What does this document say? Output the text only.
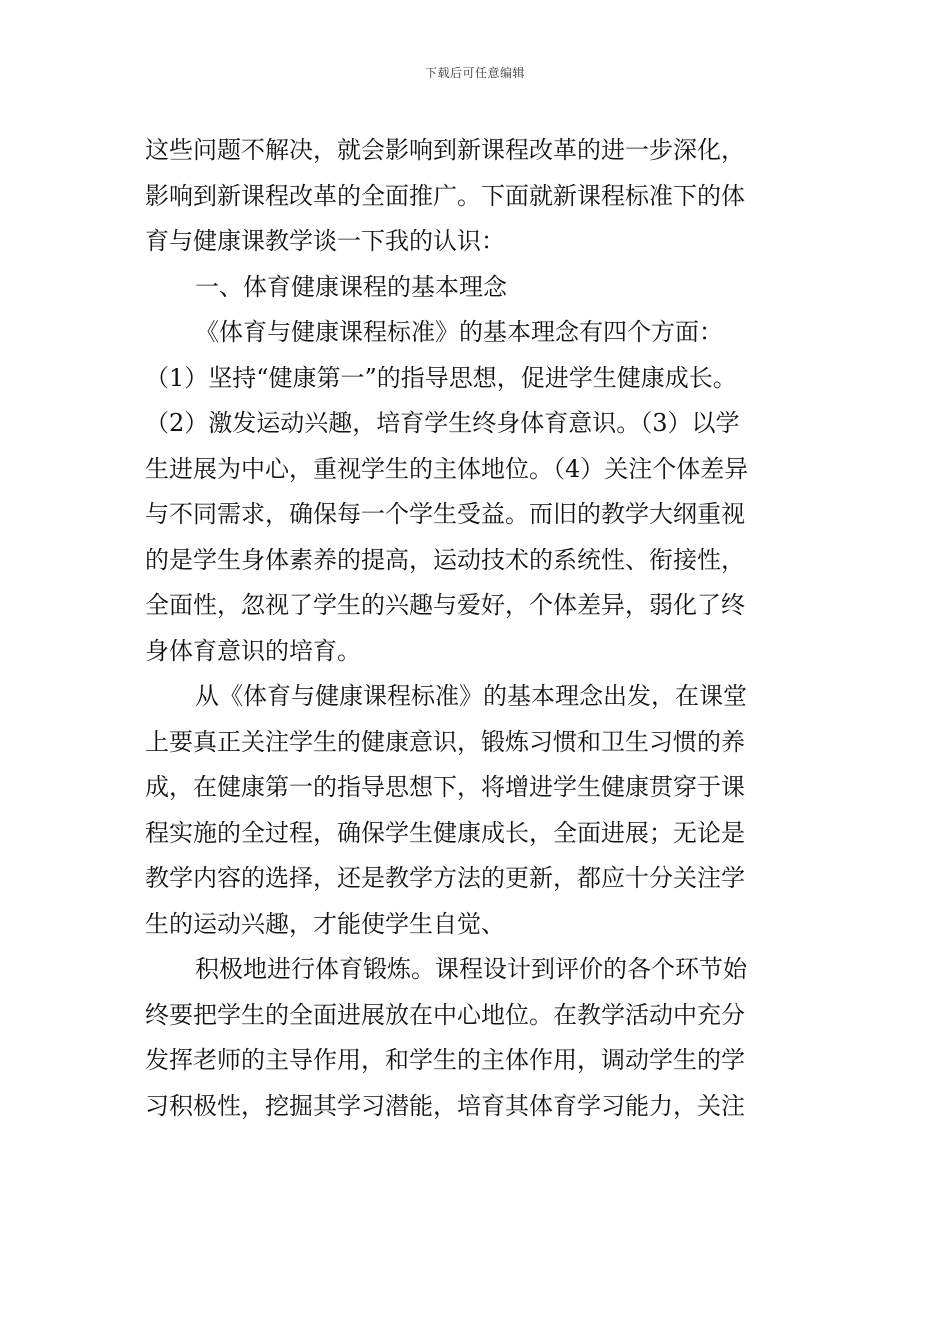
下载后可任意编辑
这些问题不解决，就会影响到新课程改革的进一步深化，
影响到新课程改革的全面推广。下面就新课程标准下的体
育与健康课教学谈一下我的认识：
一、体育健康课程的基本理念
《体育与健康课程标准》的基本理念有四个方面：
（1）坚持“健康第一”的指导思想，促进学生健康成长。
（2）激发运动兴趣，培育学生终身体育意识。（3）以学
生进展为中心，重视学生的主体地位。（4）关注个体差异
与不同需求，确保每一个学生受益。而旧的教学大纲重视
的是学生身体素养的提高，运动技术的系统性、衔接性，
全面性，忽视了学生的兴趣与爱好，个体差异，弱化了终
身体育意识的培育。
从《体育与健康课程标准》的基本理念出发，在课堂
上要真正关注学生的健康意识，锻炼习惯和卫生习惯的养
成，在健康第一的指导思想下，将增进学生健康贯穿于课
程实施的全过程，确保学生健康成长，全面进展；无论是
教学内容的选择，还是教学方法的更新，都应十分关注学
生的运动兴趣，才能使学生自觉、
积极地进行体育锻炼。课程设计到评价的各个环节始
终要把学生的全面进展放在中心地位。在教学活动中充分
发挥老师的主导作用，和学生的主体作用，调动学生的学
习积极性，挖掘其学习潜能，培育其体育学习能力，关注
